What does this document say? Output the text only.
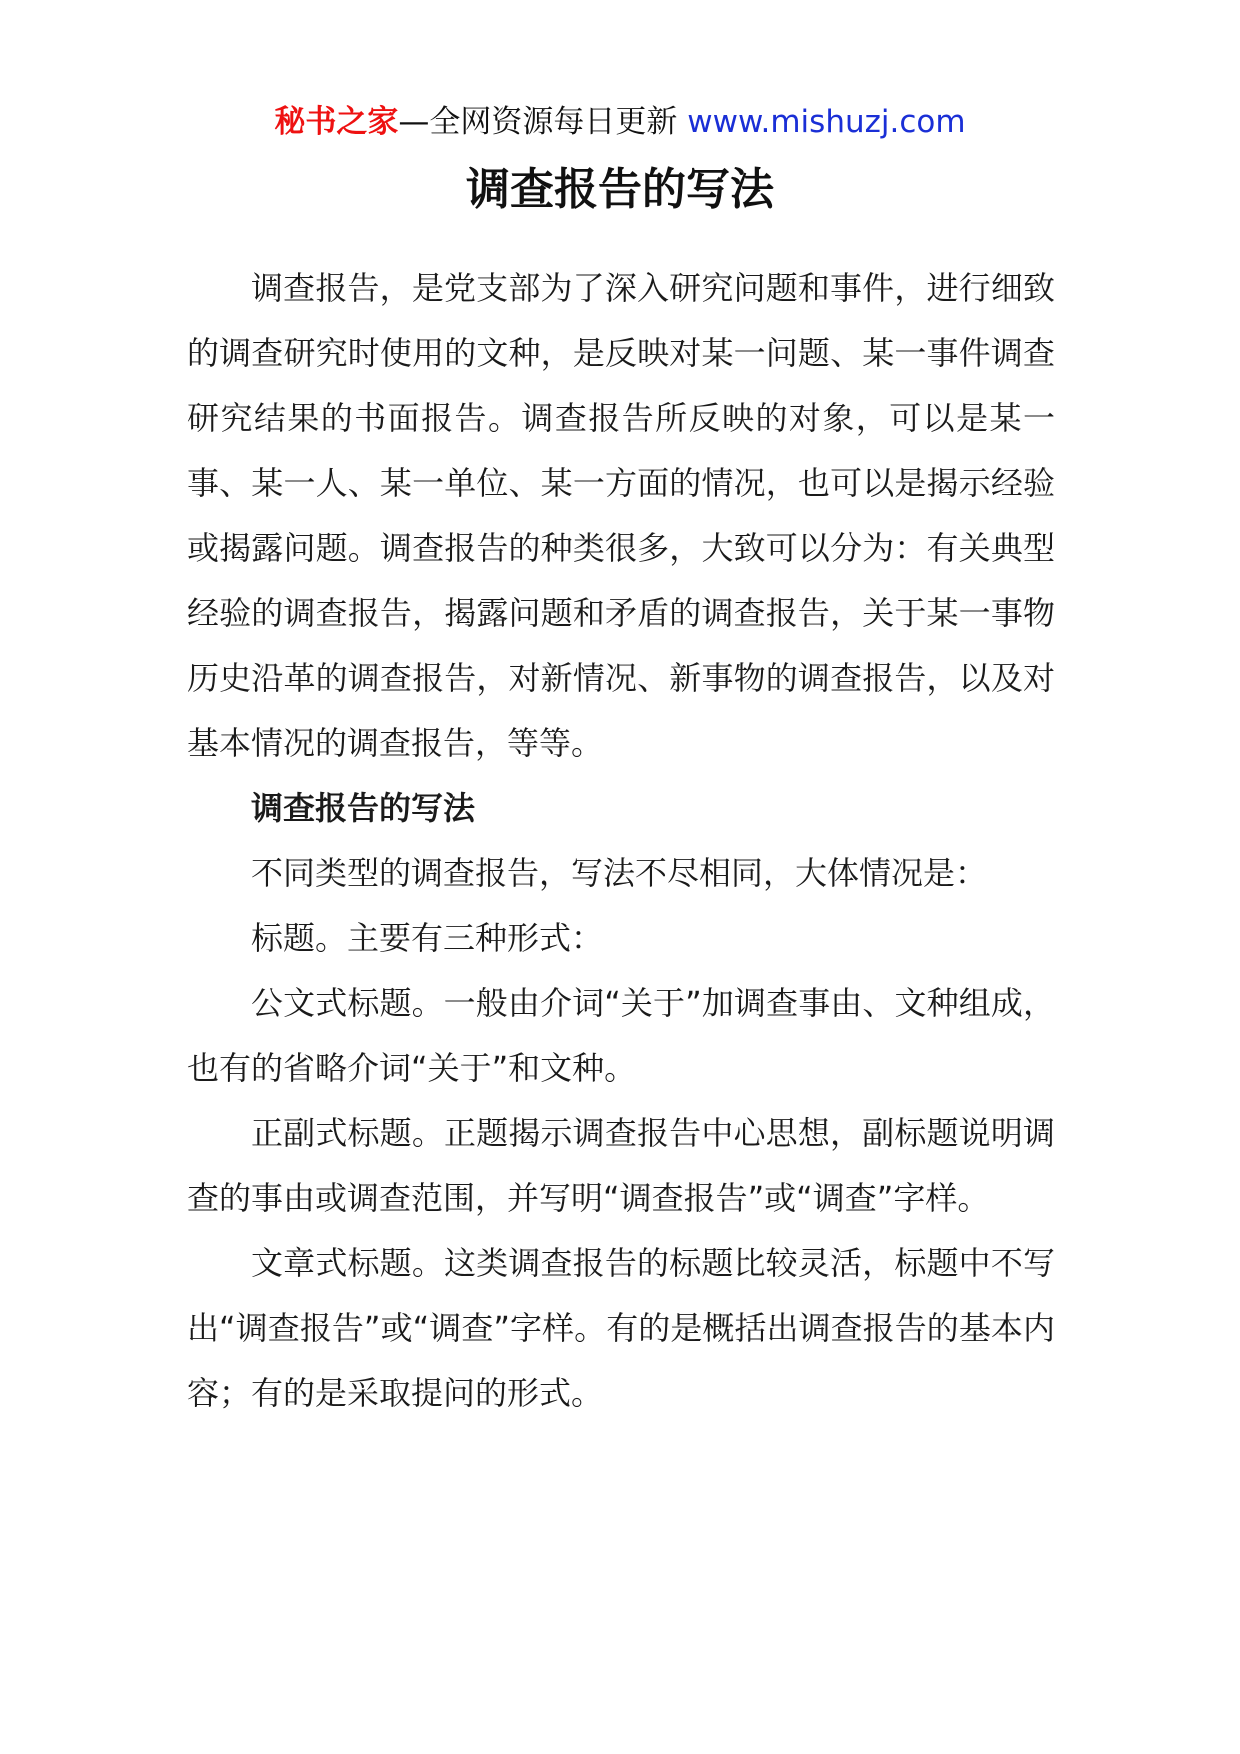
秘书之家—全网资源每日更新 www.mishuzj.com
调查报告的写法

调查报告，是党支部为了深入研究问题和事件，进行细致的调查研究时使用的文种，是反映对某一问题、某一事件调查研究结果的书面报告。调查报告所反映的对象，可以是某一事、某一人、某一单位、某一方面的情况，也可以是揭示经验或揭露问题。调查报告的种类很多，大致可以分为：有关典型经验的调查报告，揭露问题和矛盾的调查报告，关于某一事物历史沿革的调查报告，对新情况、新事物的调查报告，以及对基本情况的调查报告，等等。

调查报告的写法

不同类型的调查报告，写法不尽相同，大体情况是：

标题。主要有三种形式：

公文式标题。一般由介词“关于”加调查事由、文种组成，也有的省略介词“关于”和文种。

正副式标题。正题揭示调查报告中心思想，副标题说明调查的事由或调查范围，并写明“调查报告”或“调查”字样。

文章式标题。这类调查报告的标题比较灵活，标题中不写出“调查报告”或“调查”字样。有的是概括出调查报告的基本内容；有的是采取提问的形式。
